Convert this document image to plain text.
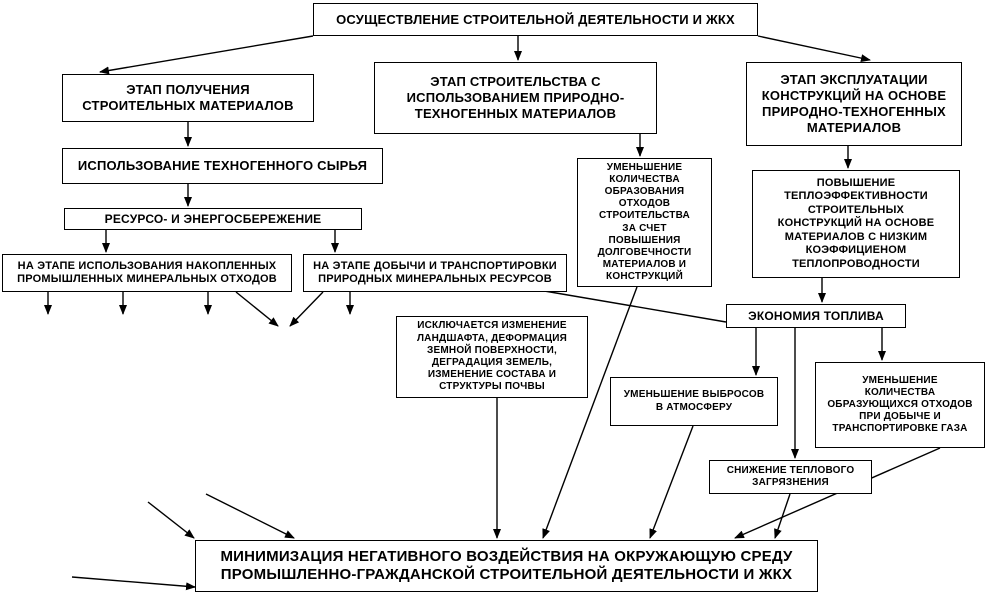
ОСУЩЕСТВЛЕНИЕ СТРОИТЕЛЬНОЙ ДЕЯТЕЛЬНОСТИ И ЖКХ
ЭТАП ПОЛУЧЕНИЯ
СТРОИТЕЛЬНЫХ МАТЕРИАЛОВ
ЭТАП СТРОИТЕЛЬСТВА С
ИСПОЛЬЗОВАНИЕМ ПРИРОДНО-
ТЕХНОГЕННЫХ МАТЕРИАЛОВ
ЭТАП ЭКСПЛУАТАЦИИ
КОНСТРУКЦИЙ НА ОСНОВЕ
ПРИРОДНО-ТЕХНОГЕННЫХ
МАТЕРИАЛОВ
ИСПОЛЬЗОВАНИЕ ТЕХНОГЕННОГО СЫРЬЯ
РЕСУРСО- И ЭНЕРГОСБЕРЕЖЕНИЕ
НА ЭТАПЕ ИСПОЛЬЗОВАНИЯ НАКОПЛЕННЫХ
ПРОМЫШЛЕННЫХ МИНЕРАЛЬНЫХ ОТХОДОВ
НА ЭТАПЕ ДОБЫЧИ И ТРАНСПОРТИРОВКИ
ПРИРОДНЫХ МИНЕРАЛЬНЫХ РЕСУРСОВ
УМЕНЬШЕНИЕ
КОЛИЧЕСТВА
ОБРАЗОВАНИЯ
ОТХОДОВ
СТРОИТЕЛЬСТВА
ЗА СЧЕТ
ПОВЫШЕНИЯ
ДОЛГОВЕЧНОСТИ
МАТЕРИАЛОВ И
КОНСТРУКЦИЙ
ПОВЫШЕНИЕ
ТЕПЛОЭФФЕКТИВНОСТИ
СТРОИТЕЛЬНЫХ
КОНСТРУКЦИЙ НА ОСНОВЕ
МАТЕРИАЛОВ С НИЗКИМ
КОЭФФИЦИЕНОМ
ТЕПЛОПРОВОДНОСТИ
ЭКОНОМИЯ ТОПЛИВА
ИСКЛЮЧАЕТСЯ ИЗМЕНЕНИЕ
ЛАНДШАФТА, ДЕФОРМАЦИЯ
ЗЕМНОЙ ПОВЕРХНОСТИ,
ДЕГРАДАЦИЯ ЗЕМЕЛЬ,
ИЗМЕНЕНИЕ СОСТАВА И
СТРУКТУРЫ ПОЧВЫ
УМЕНЬШЕНИЕ ВЫБРОСОВ
В АТМОСФЕРУ
УМЕНЬШЕНИЕ
КОЛИЧЕСТВА
ОБРАЗУЮЩИХСЯ ОТХОДОВ
ПРИ ДОБЫЧЕ И
ТРАНСПОРТИРОВКЕ ГАЗА
СНИЖЕНИЕ ТЕПЛОВОГО
ЗАГРЯЗНЕНИЯ
МИНИМИЗАЦИЯ НЕГАТИВНОГО ВОЗДЕЙСТВИЯ НА ОКРУЖАЮЩУЮ СРЕДУ
ПРОМЫШЛЕННО-ГРАЖДАНСКОЙ СТРОИТЕЛЬНОЙ ДЕЯТЕЛЬНОСТИ И ЖКХ
